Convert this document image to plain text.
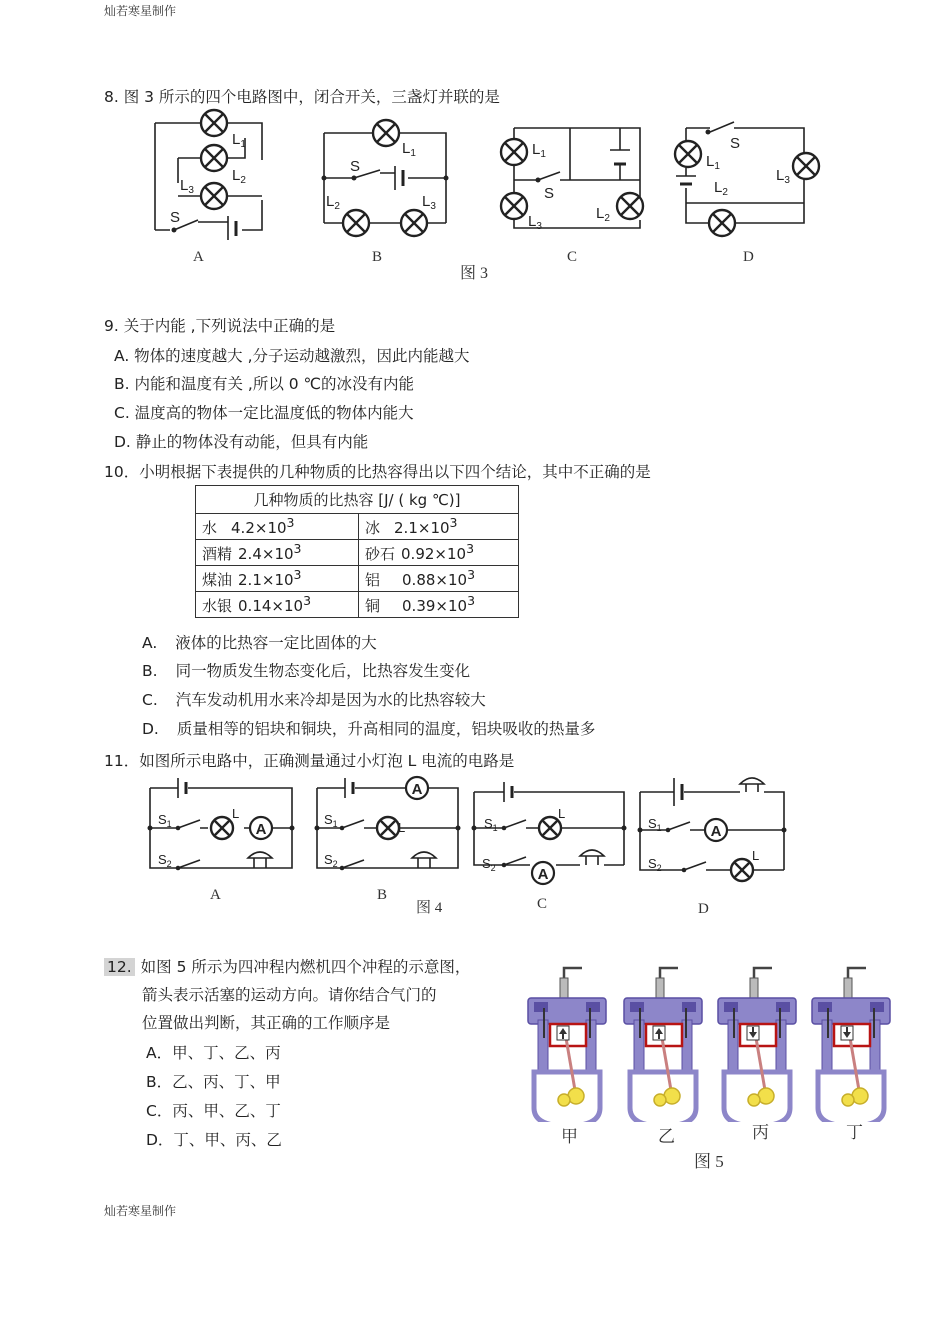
灿若寒星制作
灿若寒星制作
8. 图 3 所示的四个电路图中，闭合开关，三盏灯并联的是
$L_1$
$L_2$
$L_3$
S
$L_1$
S
$L_2$	$L_3$
$L_1$
S
$L_3$
$L_2$
S
$L_1$
$L_2$
$L_3$
A	B	C	D
图 3
9. 关于内能 ,下列说法中正确的是
A. 物体的速度越大 ,分子运动越激烈，因此内能越大
B. 内能和温度有关 ,所以 0 ℃的冰没有内能
C. 温度高的物体一定比温度低的物体内能大
D. 静止的物体没有动能，但具有内能
10．小明根据下表提供的几种物质的比热容得出以下四个结论，其中不正确的是
几种物质的比热容 [J/ ( kg ℃)]	
水 $4.2\times 10^3$	冰 $2.1\times 10^3$
酒精 $2.4\times 10^3$	砂石 $0.92\times 10^3$
煤油 $2.1\times 10^3$	铝 $0.88\times 10^3$
水银 $0.14\times 10^3$	铜 $0.39\times 10^3$
A. 液体的比热容一定比固体的大
B. 同一物质发生物态变化后，比热容发生变化
C. 汽车发动机用水来冷却是因为水的比热容较大
D. 质量相等的铝块和铜块，升高相同的温度，铝块吸收的热量多
11．如图所示电路中，正确测量通过小灯泡 L 电流的电路是
A
$S_1$
$S_2$
L
A
$S_1$
$S_2$
L
A
$S_1$
$S_2$
L
A
$S_1$
$S_2$
L
A	B
图 4	C	D
12. 如图 5 所示为四冲程内燃机四个冲程的示意图，
箭头表示活塞的运动方向。请你结合气门的
位置做出判断，其正确的工作顺序是
A．甲、丁、乙、丙
B．乙、丙、丁、甲
C．丙、甲、乙、丁
D．丁、甲、丙、乙	甲	乙	丙	丁
图 5
